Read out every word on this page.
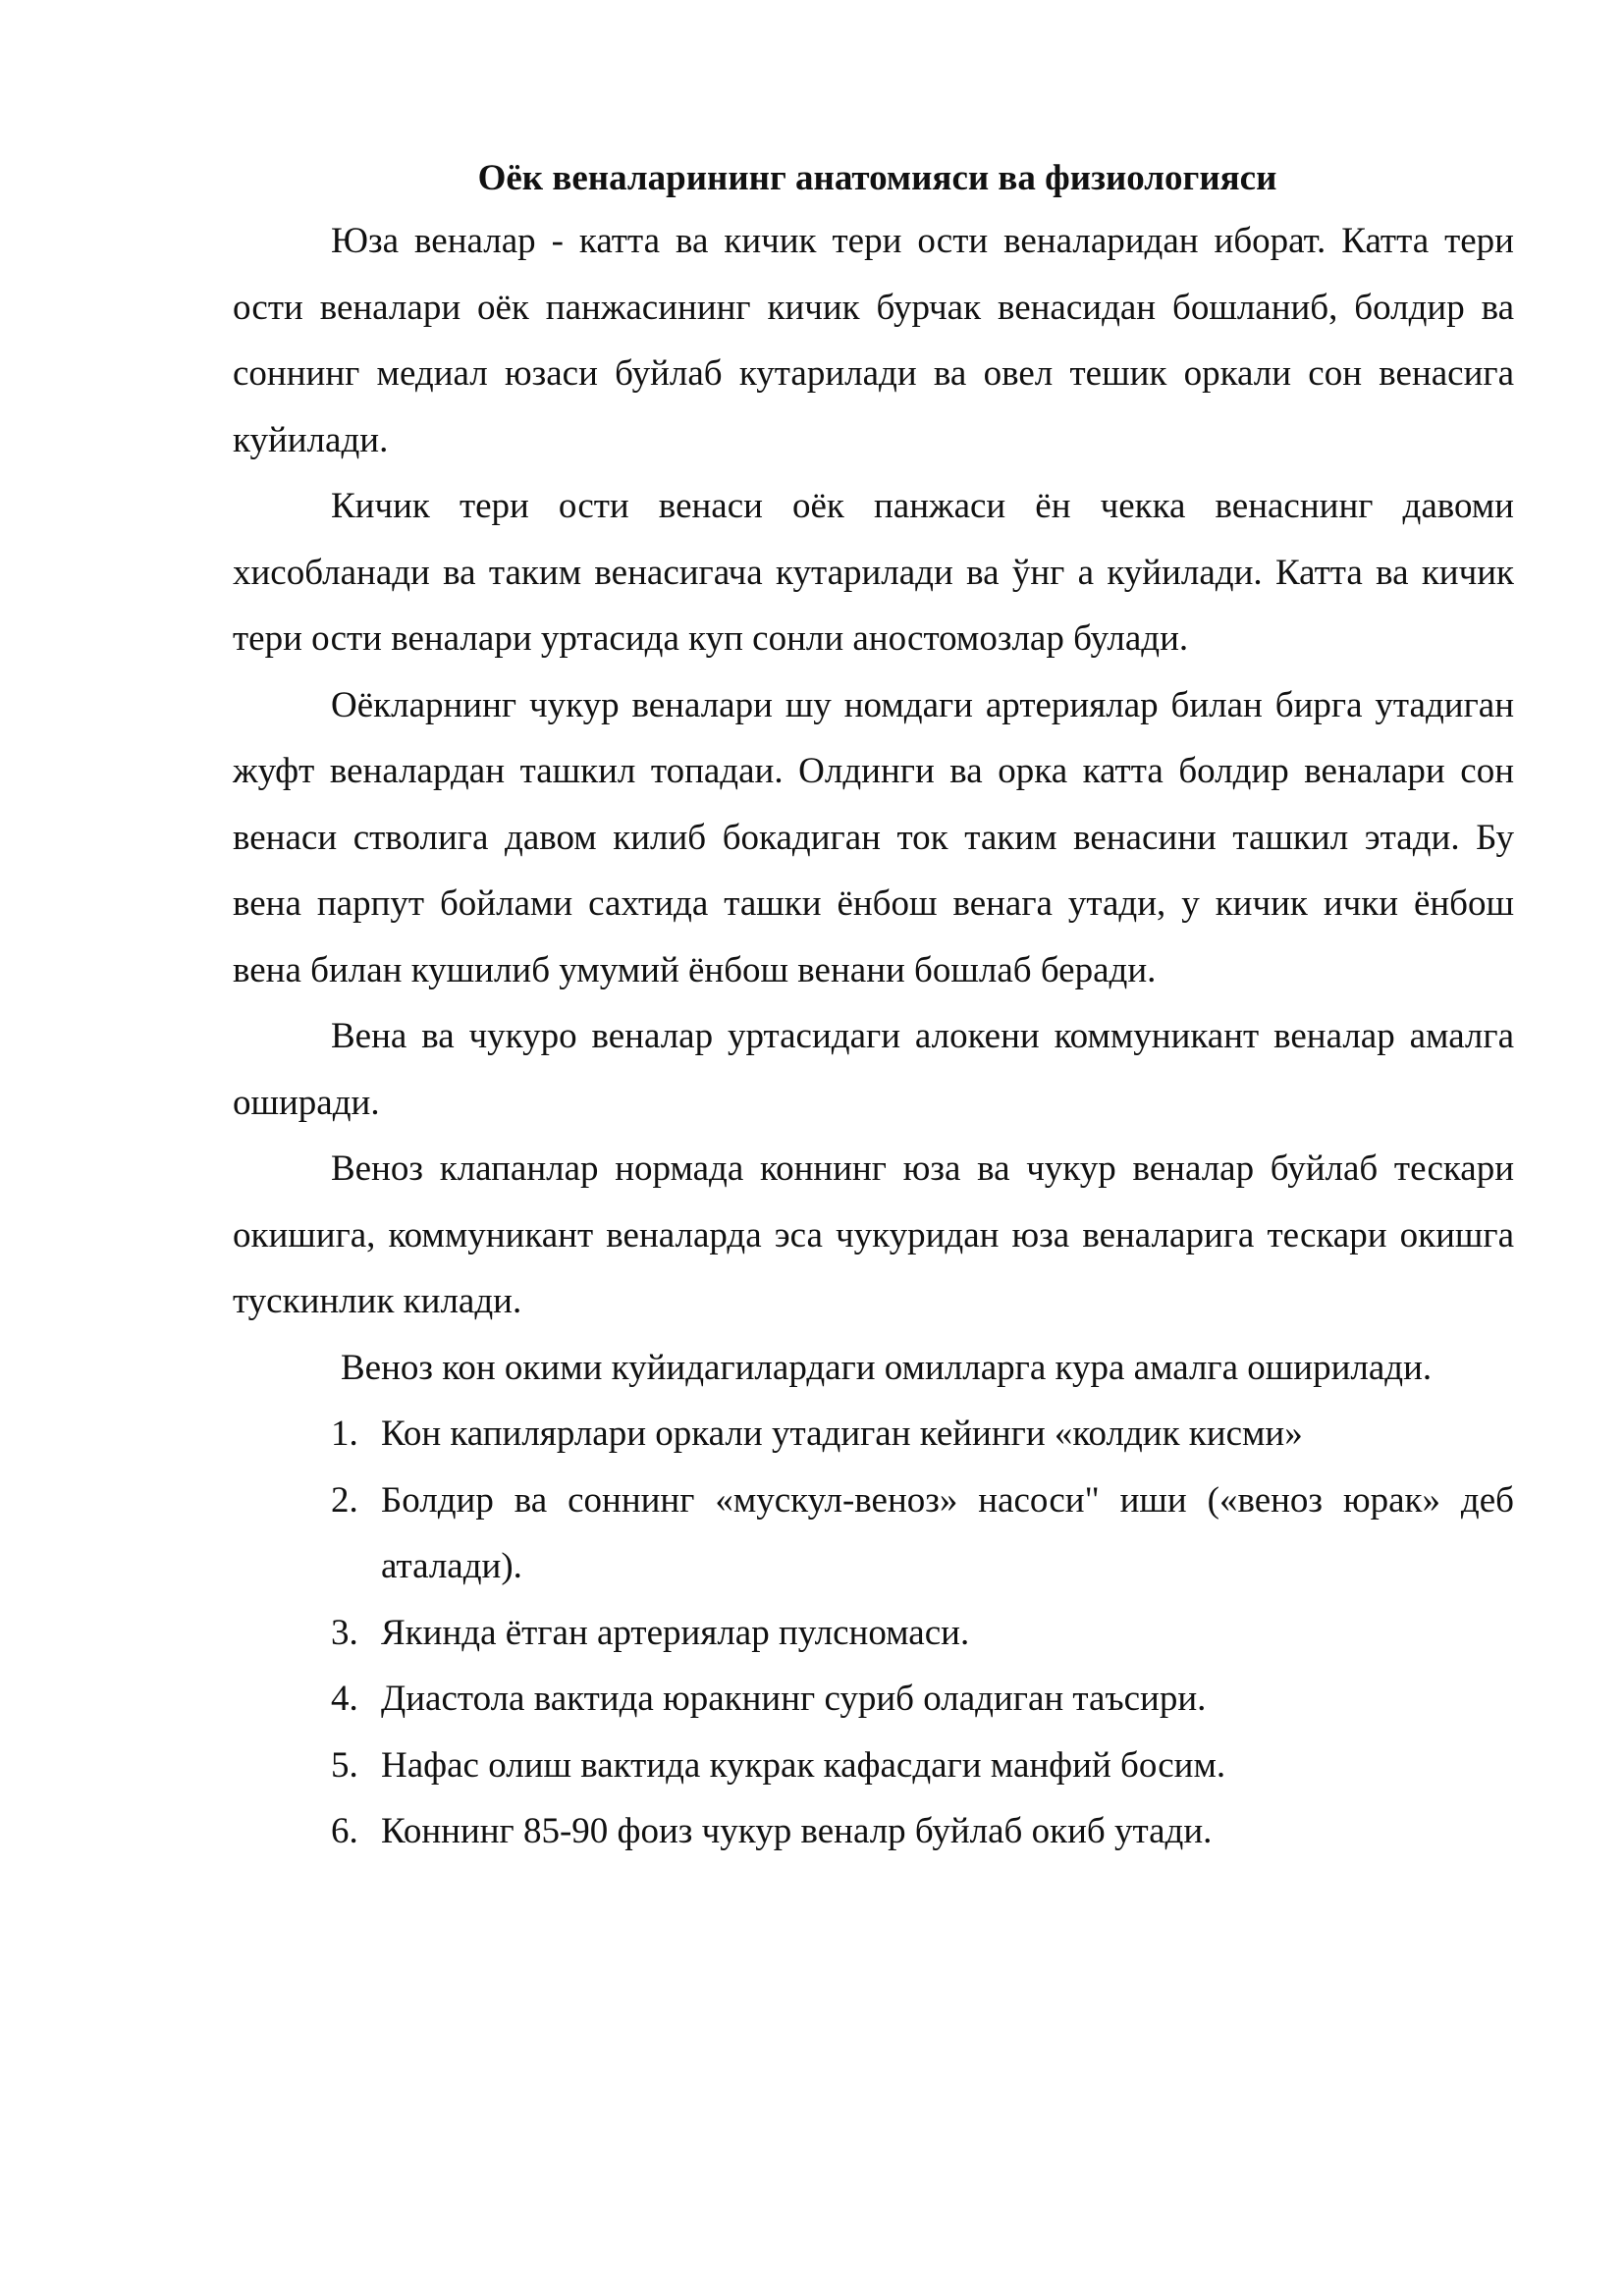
Оёк веналарининг анатомияси ва физиологияси

Юза веналар - катта ва кичик тери ости веналаридан иборат. Катта тери ости веналари оёк панжасининг кичик бурчак венасидан бошланиб, болдир ва соннинг медиал юзаси буйлаб кутарилади ва овел тешик оркали сон венасига куйилади.

Кичик тери ости венаси оёк панжаси ён чекка венаснинг давоми хисобланади ва таким венасигача кутарилади ва ўнг а куйилади. Катта ва кичик тери ости веналари уртасида куп сонли аностомозлар булади.

Оёкларнинг чукур веналари шу номдаги артериялар билан бирга утадиган жуфт веналардан ташкил топадаи. Олдинги ва орка катта болдир веналари сон венаси стволига давом килиб бокадиган ток таким венасини ташкил этади. Бу вена парпут бойлами сахтида ташки ёнбош венага утади, у кичик ички ёнбош вена билан кушилиб умумий ёнбош венани бошлаб беради.

Вена ва чукуро веналар уртасидаги алокени коммуникант веналар амалга оширади.

Веноз клапанлар нормада коннинг юза ва чукур веналар буйлаб тескари окишига, коммуникант веналарда эса чукуридан юза веналарига тескари окишга тускинлик килади.

Веноз кон окими куйидагилардаги омилларга кура амалга оширилади.

1. Кон капилярлари оркали утадиган кейинги «колдик кисми»
2. Болдир ва соннинг «мускул-веноз» насоси" иши («веноз юрак» деб аталади).
3. Якинда ётган артериялар пулсномаси.
4. Диастола вактида юракнинг суриб оладиган таъсири.
5. Нафас олиш вактида кукрак кафасдаги манфий босим.
6. Коннинг 85-90 фоиз чукур веналр буйлаб окиб утади.
